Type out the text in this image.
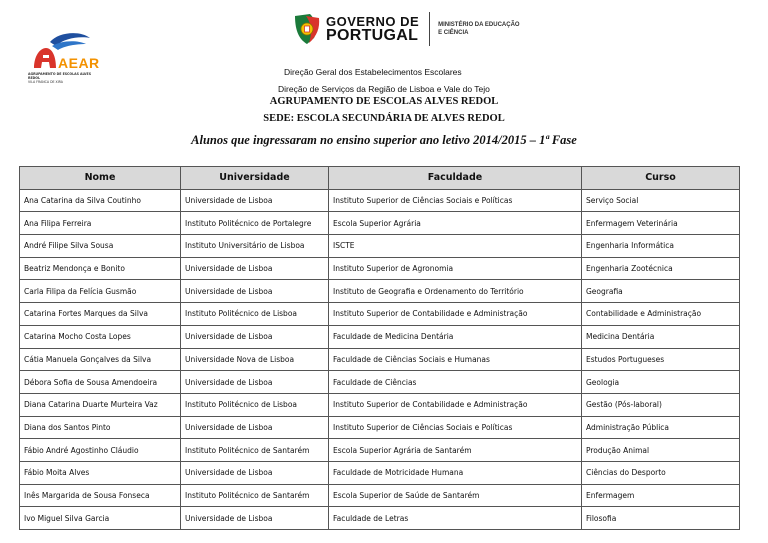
AEAR
AGRUPAMENTO DE ESCOLAS ALVES REDOL
VILA FRANCA DE XIRA
GOVERNO DE
PORTUGAL
MINISTÉRIO DA EDUCAÇÃO
E CIÊNCIA
Direção Geral dos Estabelecimentos Escolares
Direção de Serviços da Região de Lisboa e Vale do Tejo
AGRUPAMENTO DE ESCOLAS ALVES REDOL
SEDE: ESCOLA SECUNDÁRIA DE ALVES REDOL
Alunos que ingressaram no ensino superior ano letivo 2014/2015 – 1ª Fase
Nome	Universidade	Faculdade	Curso
Ana Catarina da Silva Coutinho	Universidade de Lisboa	Instituto Superior de Ciências Sociais e Políticas	Serviço Social
Ana Filipa Ferreira	Instituto Politécnico de Portalegre	Escola Superior Agrária	Enfermagem Veterinária
André Filipe Silva Sousa	Instituto Universitário de Lisboa	ISCTE	Engenharia Informática
Beatriz Mendonça e Bonito	Universidade de Lisboa	Instituto Superior de Agronomia	Engenharia Zootécnica
Carla Filipa da Felícia Gusmão	Universidade de Lisboa	Instituto de Geografia e Ordenamento do Território	Geografia
Catarina Fortes Marques da Silva	Instituto Politécnico de Lisboa	Instituto Superior de Contabilidade e Administração	Contabilidade e Administração
Catarina Mocho Costa Lopes	Universidade de Lisboa	Faculdade de Medicina Dentária	Medicina Dentária
Cátia Manuela Gonçalves da Silva	Universidade Nova de Lisboa	Faculdade de Ciências Sociais e Humanas	Estudos Portugueses
Débora Sofia de Sousa Amendoeira	Universidade de Lisboa	Faculdade de Ciências	Geologia
Diana Catarina Duarte Murteira Vaz	Instituto Politécnico de Lisboa	Instituto Superior de Contabilidade e Administração	Gestão (Pós-laboral)
Diana dos Santos Pinto	Universidade de Lisboa	Instituto Superior de Ciências Sociais e Políticas	Administração Pública
Fábio André Agostinho Cláudio	Instituto Politécnico de Santarém	Escola Superior Agrária de Santarém	Produção Animal
Fábio Moita Alves	Universidade de Lisboa	Faculdade de Motricidade Humana	Ciências do Desporto
Inês Margarida de Sousa Fonseca	Instituto Politécnico de Santarém	Escola Superior de Saúde de Santarém	Enfermagem
Ivo Miguel Silva Garcia	Universidade de Lisboa	Faculdade de Letras	Filosofia
